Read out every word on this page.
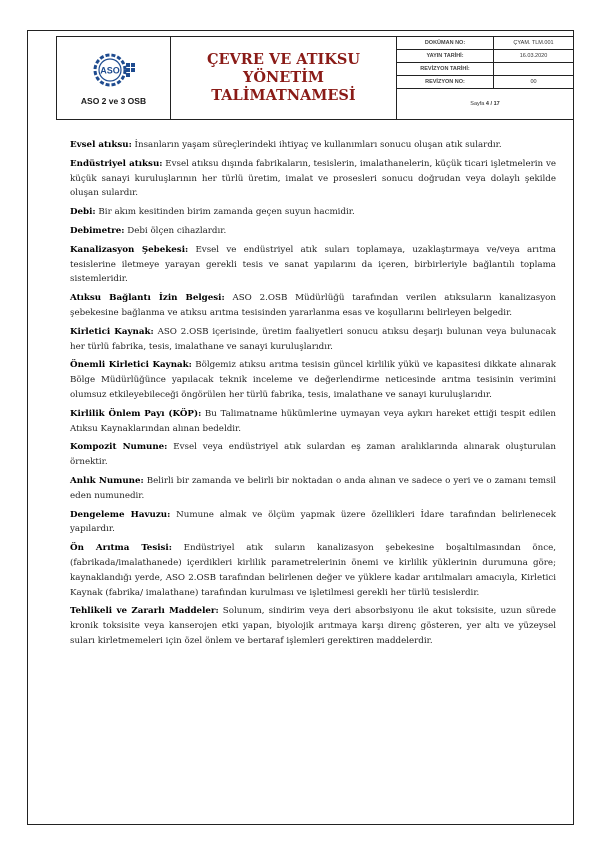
ASO
ASO 2 ve 3 OSB
ÇEVRE VE ATIKSU YÖNETİM
TALİMATNAMESİ
DOKÜMAN NO:	ÇYAM. TLM.001
YAYIN TARİHİ:	16.03.2020
REVİZYON TARİHİ:
REVİZYON NO:	00
Sayfa
4
/
17

Evsel atıksu: İnsanların yaşam süreçlerindeki ihtiyaç ve kullanımları sonucu oluşan atık sulardır.

Endüstriyel atıksu: Evsel atıksu dışında fabrikaların, tesislerin, imalathanelerin, küçük ticari işletmelerin ve küçük sanayi kuruluşlarının her türlü üretim, imalat ve prosesleri sonucu doğrudan veya dolaylı şekilde oluşan sulardır.

Debi: Bir akım kesitinden birim zamanda geçen suyun hacmidir.

Debimetre: Debi ölçen cihazlardır.

Kanalizasyon Şebekesi: Evsel ve endüstriyel atık suları toplamaya, uzaklaştırmaya ve/veya arıtma tesislerine iletmeye yarayan gerekli tesis ve sanat yapılarını da içeren, birbirleriyle bağlantılı toplama sistemleridir.

Atıksu Bağlantı İzin Belgesi: ASO 2.OSB Müdürlüğü tarafından verilen atıksuların kanalizasyon şebekesine bağlanma ve atıksu arıtma tesisinden yararlanma esas ve koşullarını belirleyen belgedir.

Kirletici Kaynak: ASO 2.OSB içerisinde, üretim faaliyetleri sonucu atıksu deşarjı bulunan veya bulunacak her türlü fabrika, tesis, imalathane ve sanayi kuruluşlarıdır.

Önemli Kirletici Kaynak: Bölgemiz atıksu arıtma tesisin güncel kirlilik yükü ve kapasitesi dikkate alınarak Bölge Müdürlüğünce yapılacak teknik inceleme ve değerlendirme neticesinde arıtma tesisinin verimini olumsuz etkileyebileceği öngörülen her türlü fabrika, tesis, imalathane ve sanayi kuruluşlarıdır.

Kirlilik Önlem Payı (KÖP): Bu Talimatname hükümlerine uymayan veya aykırı hareket ettiği tespit edilen Atıksu Kaynaklarından alınan bedeldir.

Kompozit Numune: Evsel veya endüstriyel atık sulardan eş zaman aralıklarında alınarak oluşturulan örnektir.

Anlık Numune: Belirli bir zamanda ve belirli bir noktadan o anda alınan ve sadece o yeri ve o zamanı temsil eden numunedir.

Dengeleme Havuzu: Numune almak ve ölçüm yapmak üzere özellikleri İdare tarafından belirlenecek yapılardır.

Ön Arıtma Tesisi: Endüstriyel atık suların kanalizasyon şebekesine boşaltılmasından önce, (fabrikada/imalathanede) içerdikleri kirlilik parametrelerinin önemi ve kirlilik yüklerinin durumuna göre; kaynaklandığı yerde, ASO 2.OSB tarafından belirlenen değer ve yüklere kadar arıtılmaları amacıyla, Kirletici Kaynak (fabrika/ imalathane) tarafından kurulması ve işletilmesi gerekli her türlü tesislerdir.

Tehlikeli ve Zararlı Maddeler: Solunum, sindirim veya deri absorbsiyonu ile akut toksisite, uzun sürede kronik toksisite veya kanserojen etki yapan, biyolojik arıtmaya karşı direnç gösteren, yer altı ve yüzeysel suları kirletmemeleri için özel önlem ve bertaraf işlemleri gerektiren maddelerdir.
